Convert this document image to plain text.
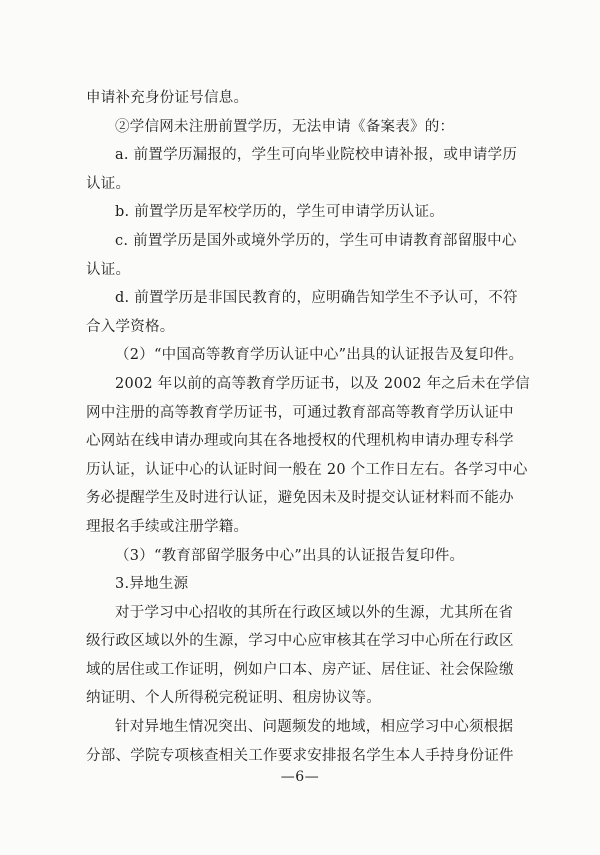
申请补充身份证号信息。
②学信网未注册前置学历，无法申请《备案表》的：
a. 前置学历漏报的，学生可向毕业院校申请补报，或申请学历
认证。
b. 前置学历是军校学历的，学生可申请学历认证。
c. 前置学历是国外或境外学历的，学生可申请教育部留服中心
认证。
d. 前置学历是非国民教育的，应明确告知学生不予认可，不符
合入学资格。
（2）“中国高等教育学历认证中心”出具的认证报告及复印件。
2002 年以前的高等教育学历证书，以及 2002 年之后未在学信
网中注册的高等教育学历证书，可通过教育部高等教育学历认证中
心网站在线申请办理或向其在各地授权的代理机构申请办理专科学
历认证，认证中心的认证时间一般在 20 个工作日左右。各学习中心
务必提醒学生及时进行认证，避免因未及时提交认证材料而不能办
理报名手续或注册学籍。
（3）“教育部留学服务中心”出具的认证报告复印件。
3.异地生源
对于学习中心招收的其所在行政区域以外的生源，尤其所在省
级行政区域以外的生源，学习中心应审核其在学习中心所在行政区
域的居住或工作证明，例如户口本、房产证、居住证、社会保险缴
纳证明、个人所得税完税证明、租房协议等。
针对异地生情况突出、问题频发的地域，相应学习中心须根据
分部、学院专项核查相关工作要求安排报名学生本人手持身份证件
—6—
